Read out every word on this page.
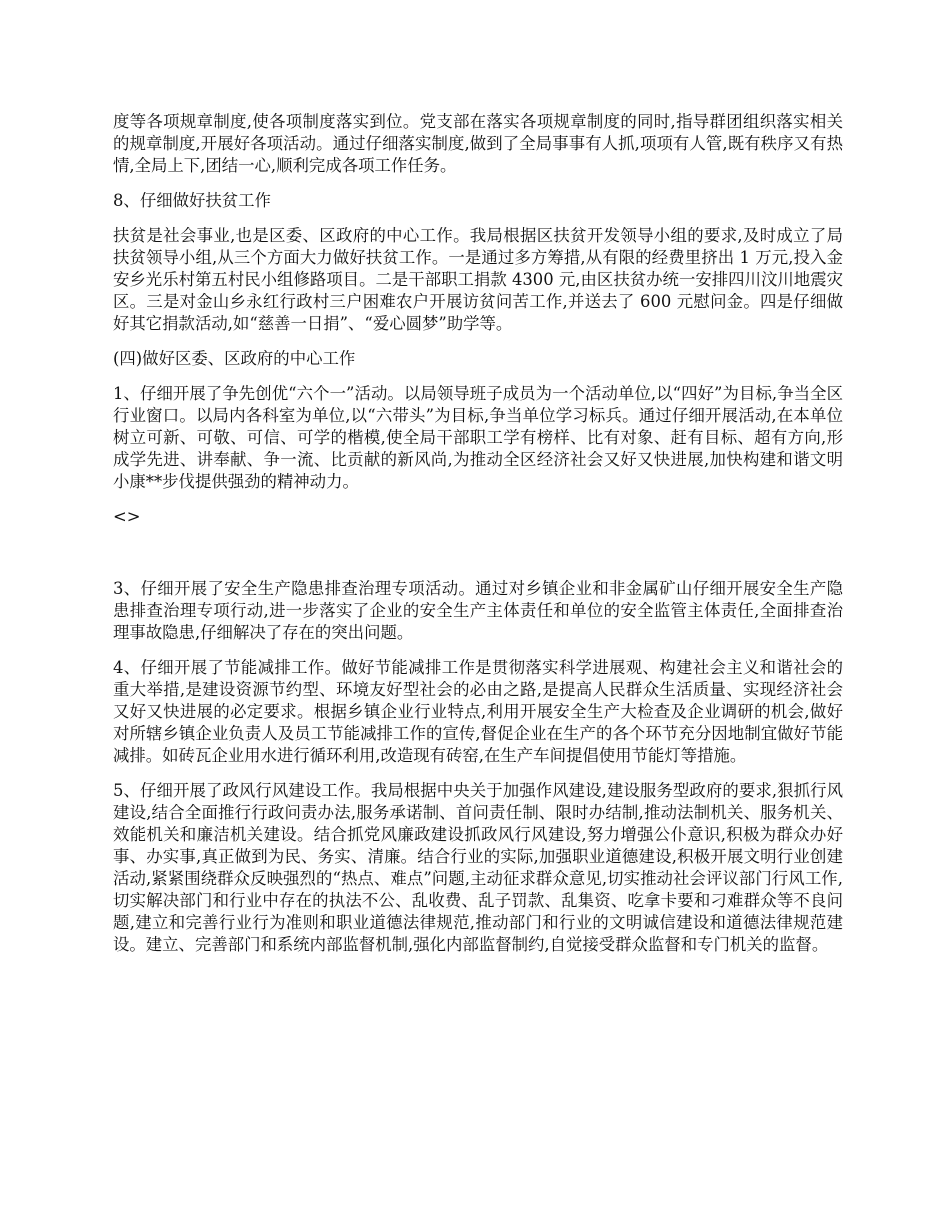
度等各项规章制度,使各项制度落实到位。党支部在落实各项规章制度的同时,指导群团组织落实相关的规章制度,开展好各项活动。通过仔细落实制度,做到了全局事事有人抓,项项有人管,既有秩序又有热情,全局上下,团结一心,顺利完成各项工作任务。

8、仔细做好扶贫工作

扶贫是社会事业,也是区委、区政府的中心工作。我局根据区扶贫开发领导小组的要求,及时成立了局扶贫领导小组,从三个方面大力做好扶贫工作。一是通过多方筹措,从有限的经费里挤出 1 万元,投入金安乡光乐村第五村民小组修路项目。二是干部职工捐款 4300 元,由区扶贫办统一安排四川汶川地震灾区。三是对金山乡永红行政村三户困难农户开展访贫问苦工作,并送去了 600 元慰问金。四是仔细做好其它捐款活动,如“慈善一日捐”、“爱心圆梦”助学等。

(四)做好区委、区政府的中心工作

1、仔细开展了争先创优“六个一”活动。以局领导班子成员为一个活动单位,以“四好”为目标,争当全区行业窗口。以局内各科室为单位,以“六带头”为目标,争当单位学习标兵。通过仔细开展活动,在本单位树立可新、可敬、可信、可学的楷模,使全局干部职工学有榜样、比有对象、赶有目标、超有方向,形成学先进、讲奉献、争一流、比贡献的新风尚,为推动全区经济社会又好又快进展,加快构建和谐文明小康**步伐提供强劲的精神动力。

<>

3、仔细开展了安全生产隐患排查治理专项活动。通过对乡镇企业和非金属矿山仔细开展安全生产隐患排查治理专项行动,进一步落实了企业的安全生产主体责任和单位的安全监管主体责任,全面排查治理事故隐患,仔细解决了存在的突出问题。

4、仔细开展了节能减排工作。做好节能减排工作是贯彻落实科学进展观、构建社会主义和谐社会的重大举措,是建设资源节约型、环境友好型社会的必由之路,是提高人民群众生活质量、实现经济社会又好又快进展的必定要求。根据乡镇企业行业特点,利用开展安全生产大检查及企业调研的机会,做好对所辖乡镇企业负责人及员工节能减排工作的宣传,督促企业在生产的各个环节充分因地制宜做好节能减排。如砖瓦企业用水进行循环利用,改造现有砖窑,在生产车间提倡使用节能灯等措施。

5、仔细开展了政风行风建设工作。我局根据中央关于加强作风建设,建设服务型政府的要求,狠抓行风建设,结合全面推行行政问责办法,服务承诺制、首问责任制、限时办结制,推动法制机关、服务机关、效能机关和廉洁机关建设。结合抓党风廉政建设抓政风行风建设,努力增强公仆意识,积极为群众办好事、办实事,真正做到为民、务实、清廉。结合行业的实际,加强职业道德建设,积极开展文明行业创建活动,紧紧围绕群众反映强烈的“热点、难点”问题,主动征求群众意见,切实推动社会评议部门行风工作,切实解决部门和行业中存在的执法不公、乱收费、乱子罚款、乱集资、吃拿卡要和刁难群众等不良问题,建立和完善行业行为准则和职业道德法律规范,推动部门和行业的文明诚信建设和道德法律规范建设。建立、完善部门和系统内部监督机制,强化内部监督制约,自觉接受群众监督和专门机关的监督。
